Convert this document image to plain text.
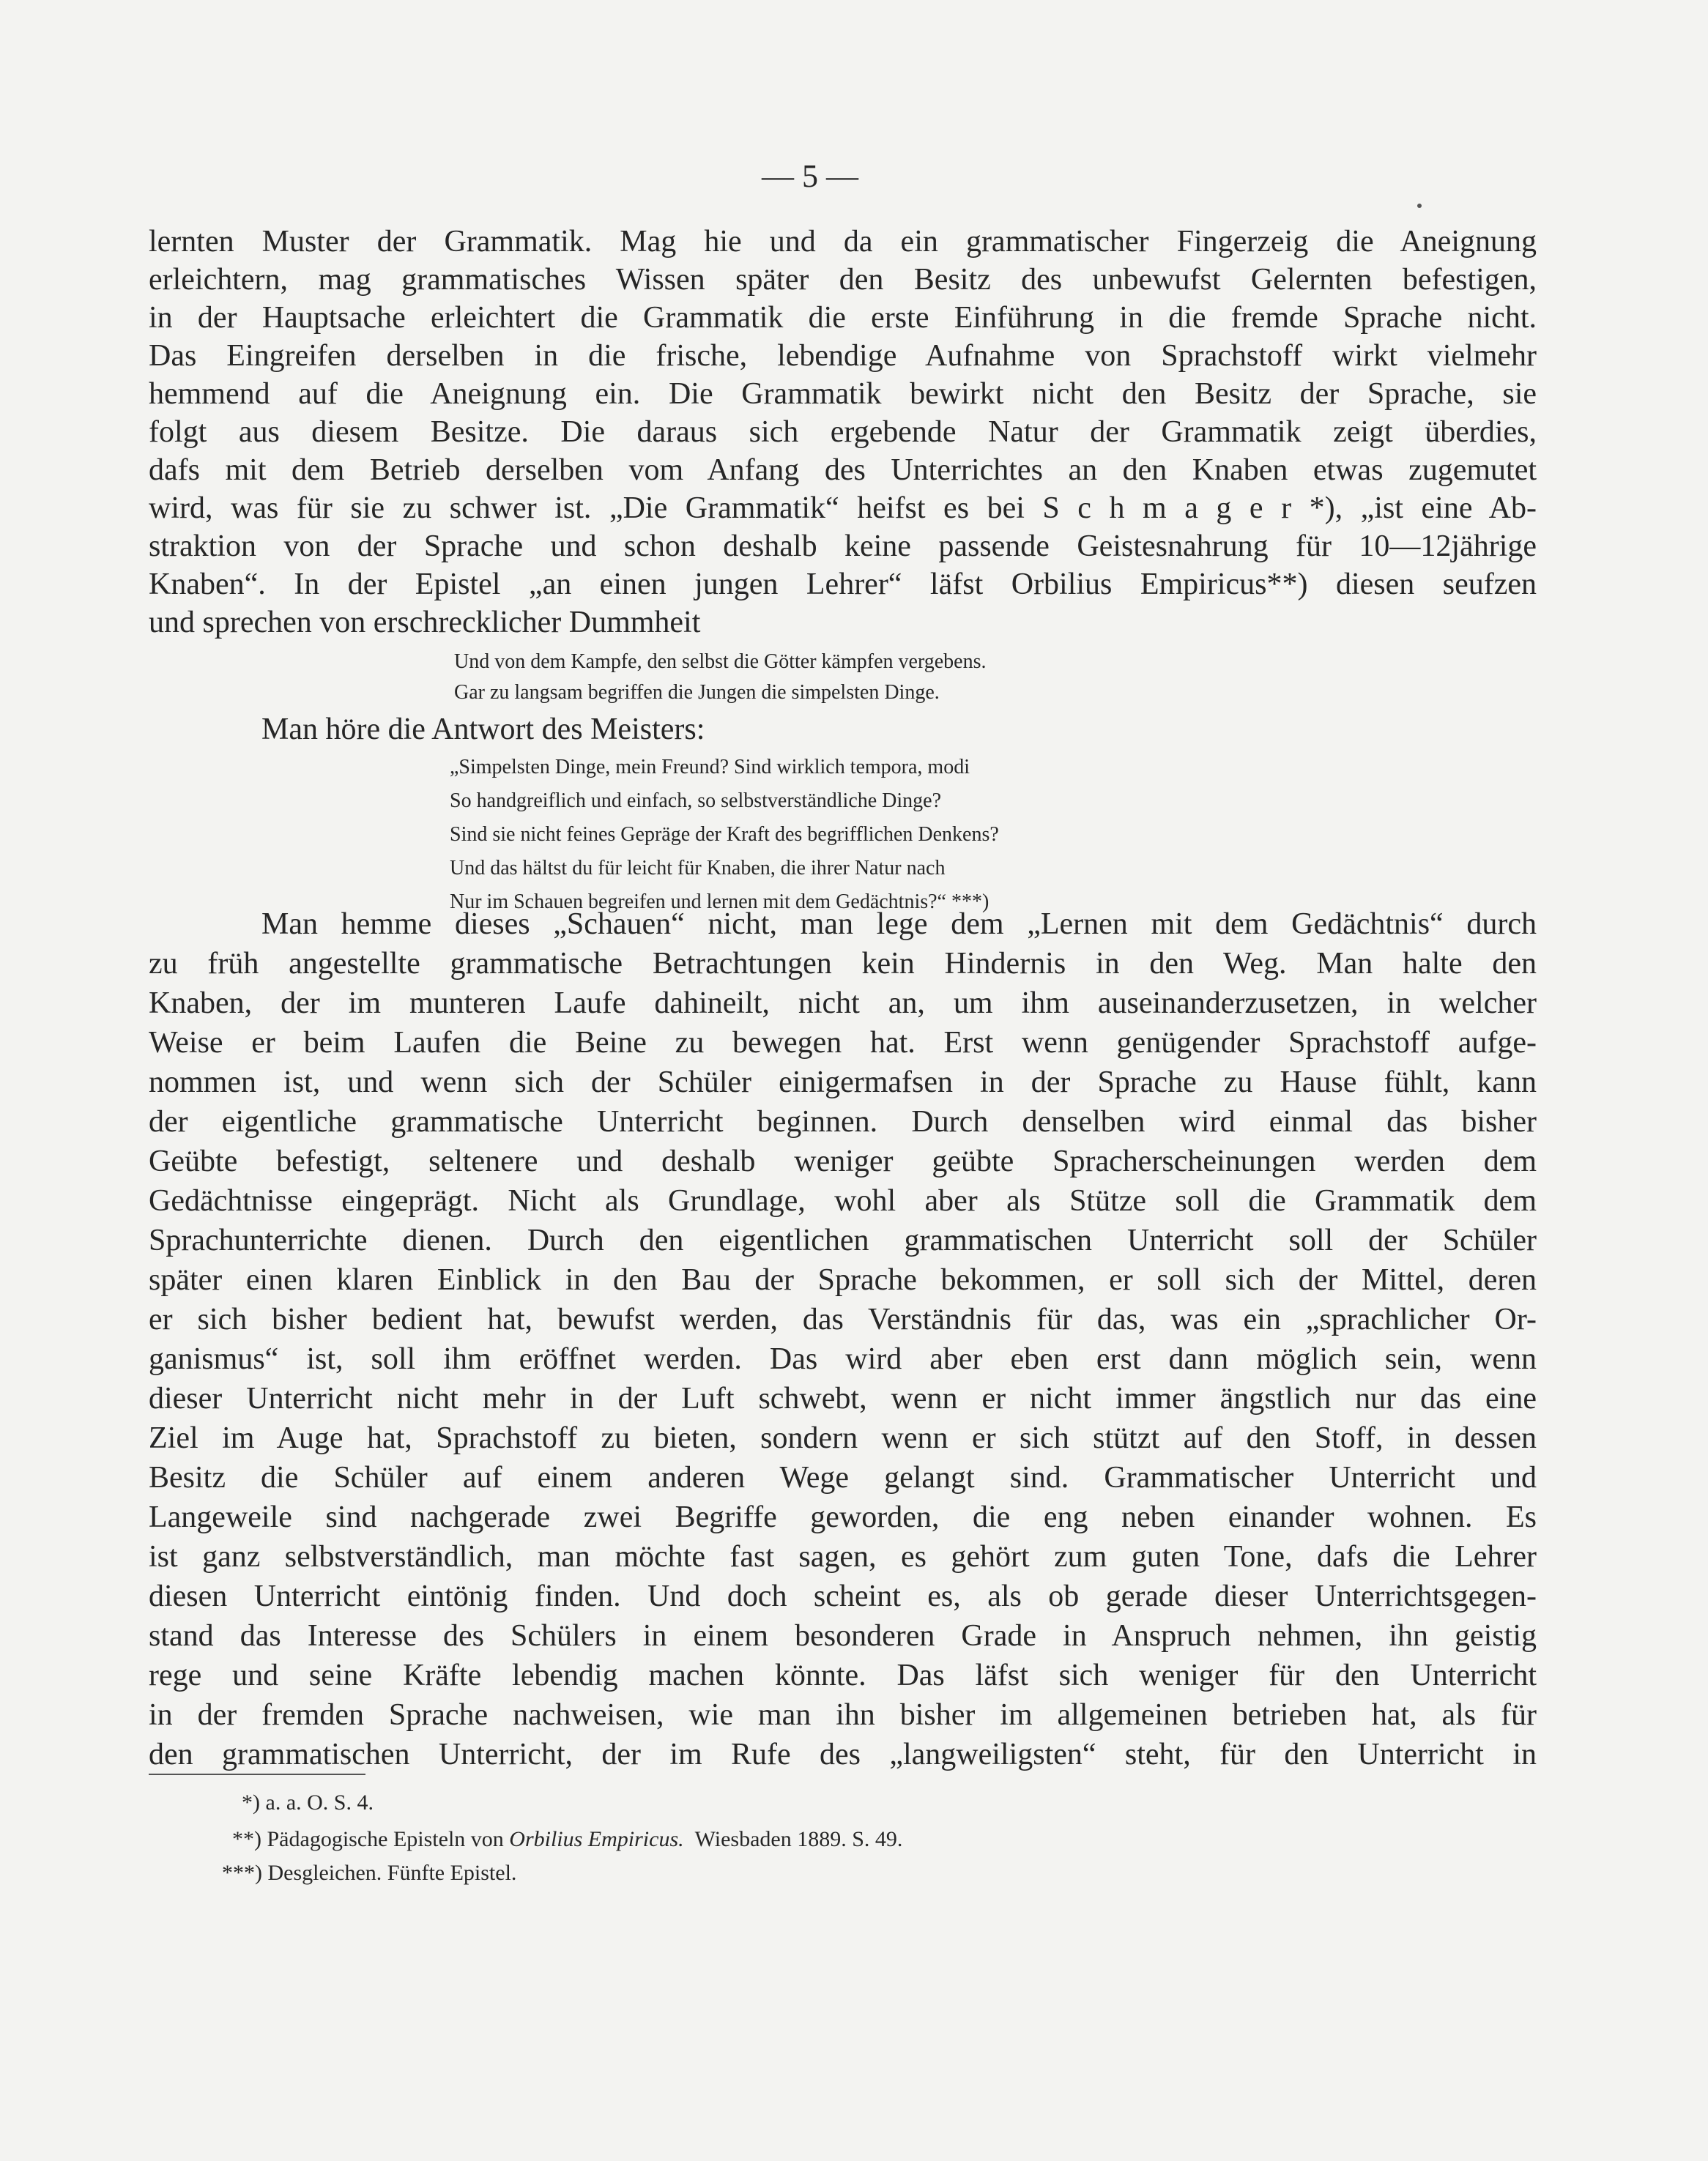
— 5 —
lernten Muster der Grammatik. Mag hie und da ein grammatischer Fingerzeig die Aneignung
erleichtern, mag grammatisches Wissen später den Besitz des unbewufst Gelernten befestigen,
in der Hauptsache erleichtert die Grammatik die erste Einführung in die fremde Sprache nicht.
Das Eingreifen derselben in die frische, lebendige Aufnahme von Sprachstoff wirkt vielmehr
hemmend auf die Aneignung ein. Die Grammatik bewirkt nicht den Besitz der Sprache, sie
folgt aus diesem Besitze. Die daraus sich ergebende Natur der Grammatik zeigt überdies,
dafs mit dem Betrieb derselben vom Anfang des Unterrichtes an den Knaben etwas zugemutet
wird, was für sie zu schwer ist. „Die Grammatik“ heifst es bei S c h m a g e r *), „ist eine Ab-
straktion von der Sprache und schon deshalb keine passende Geistesnahrung für 10—12jährige
Knaben“. In der Epistel „an einen jungen Lehrer“ läfst Orbilius Empiricus**) diesen seufzen
und sprechen von erschrecklicher Dummheit
Und von dem Kampfe, den selbst die Götter kämpfen vergebens.
Gar zu langsam begriffen die Jungen die simpelsten Dinge.
Man höre die Antwort des Meisters:
„Simpelsten Dinge, mein Freund? Sind wirklich tempora, modi
So handgreiflich und einfach, so selbstverständliche Dinge?
Sind sie nicht feines Gepräge der Kraft des begrifflichen Denkens?
Und das hältst du für leicht für Knaben, die ihrer Natur nach
Nur im Schauen begreifen und lernen mit dem Gedächtnis?“ ***)
Man hemme dieses „Schauen“ nicht, man lege dem „Lernen mit dem Gedächtnis“ durch
zu früh angestellte grammatische Betrachtungen kein Hindernis in den Weg. Man halte den
Knaben, der im munteren Laufe dahineilt, nicht an, um ihm auseinanderzusetzen, in welcher
Weise er beim Laufen die Beine zu bewegen hat. Erst wenn genügender Sprachstoff aufge-
nommen ist, und wenn sich der Schüler einigermafsen in der Sprache zu Hause fühlt, kann
der eigentliche grammatische Unterricht beginnen. Durch denselben wird einmal das bisher
Geübte befestigt, seltenere und deshalb weniger geübte Spracherscheinungen werden dem
Gedächtnisse eingeprägt. Nicht als Grundlage, wohl aber als Stütze soll die Grammatik dem
Sprachunterrichte dienen. Durch den eigentlichen grammatischen Unterricht soll der Schüler
später einen klaren Einblick in den Bau der Sprache bekommen, er soll sich der Mittel, deren
er sich bisher bedient hat, bewufst werden, das Verständnis für das, was ein „sprachlicher Or-
ganismus“ ist, soll ihm eröffnet werden. Das wird aber eben erst dann möglich sein, wenn
dieser Unterricht nicht mehr in der Luft schwebt, wenn er nicht immer ängstlich nur das eine
Ziel im Auge hat, Sprachstoff zu bieten, sondern wenn er sich stützt auf den Stoff, in dessen
Besitz die Schüler auf einem anderen Wege gelangt sind. Grammatischer Unterricht und
Langeweile sind nachgerade zwei Begriffe geworden, die eng neben einander wohnen. Es
ist ganz selbstverständlich, man möchte fast sagen, es gehört zum guten Tone, dafs die Lehrer
diesen Unterricht eintönig finden. Und doch scheint es, als ob gerade dieser Unterrichtsgegen-
stand das Interesse des Schülers in einem besonderen Grade in Anspruch nehmen, ihn geistig
rege und seine Kräfte lebendig machen könnte. Das läfst sich weniger für den Unterricht
in der fremden Sprache nachweisen, wie man ihn bisher im allgemeinen betrieben hat, als für
den grammatischen Unterricht, der im Rufe des „langweiligsten“ steht, für den Unterricht in
*) a. a. O. S. 4.
**) Pädagogische Episteln von Orbilius Empiricus. Wiesbaden 1889. S. 49.
***) Desgleichen. Fünfte Epistel.
